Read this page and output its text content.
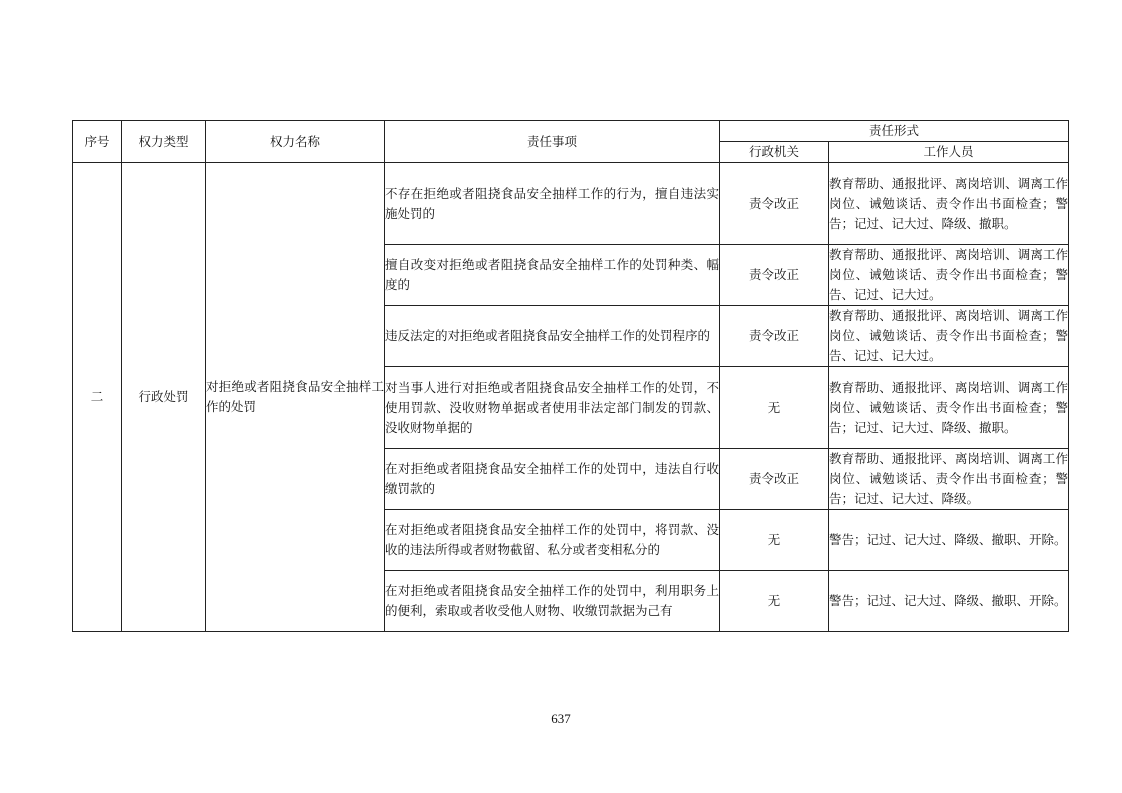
序号	权力类型	权力名称	责任事项	责任形式	
				行政机关	工作人员
二	行政处罚	对拒绝或者阻挠食品安全抽样工作的处罚	不存在拒绝或者阻挠食品安全抽样工作的行为，擅自违法实施处罚的	责令改正	教育帮助、通报批评、离岗培训、调离工作岗位、诫勉谈话、责令作出书面检查；警告；记过、记大过、降级、撤职。
			擅自改变对拒绝或者阻挠食品安全抽样工作的处罚种类、幅度的	责令改正	教育帮助、通报批评、离岗培训、调离工作岗位、诫勉谈话、责令作出书面检查；警告、记过、记大过。
			违反法定的对拒绝或者阻挠食品安全抽样工作的处罚程序的	责令改正	教育帮助、通报批评、离岗培训、调离工作岗位、诫勉谈话、责令作出书面检查；警告、记过、记大过。
			对当事人进行对拒绝或者阻挠食品安全抽样工作的处罚，不使用罚款、没收财物单据或者使用非法定部门制发的罚款、没收财物单据的	无	教育帮助、通报批评、离岗培训、调离工作岗位、诫勉谈话、责令作出书面检查；警告；记过、记大过、降级、撤职。
			在对拒绝或者阻挠食品安全抽样工作的处罚中，违法自行收缴罚款的	责令改正	教育帮助、通报批评、离岗培训、调离工作岗位、诫勉谈话、责令作出书面检查；警告；记过、记大过、降级。
			在对拒绝或者阻挠食品安全抽样工作的处罚中，将罚款、没收的违法所得或者财物截留、私分或者变相私分的	无	警告；记过、记大过、降级、撤职、开除。
			在对拒绝或者阻挠食品安全抽样工作的处罚中，利用职务上的便利，索取或者收受他人财物、收缴罚款据为己有	无	警告；记过、记大过、降级、撤职、开除。
637
